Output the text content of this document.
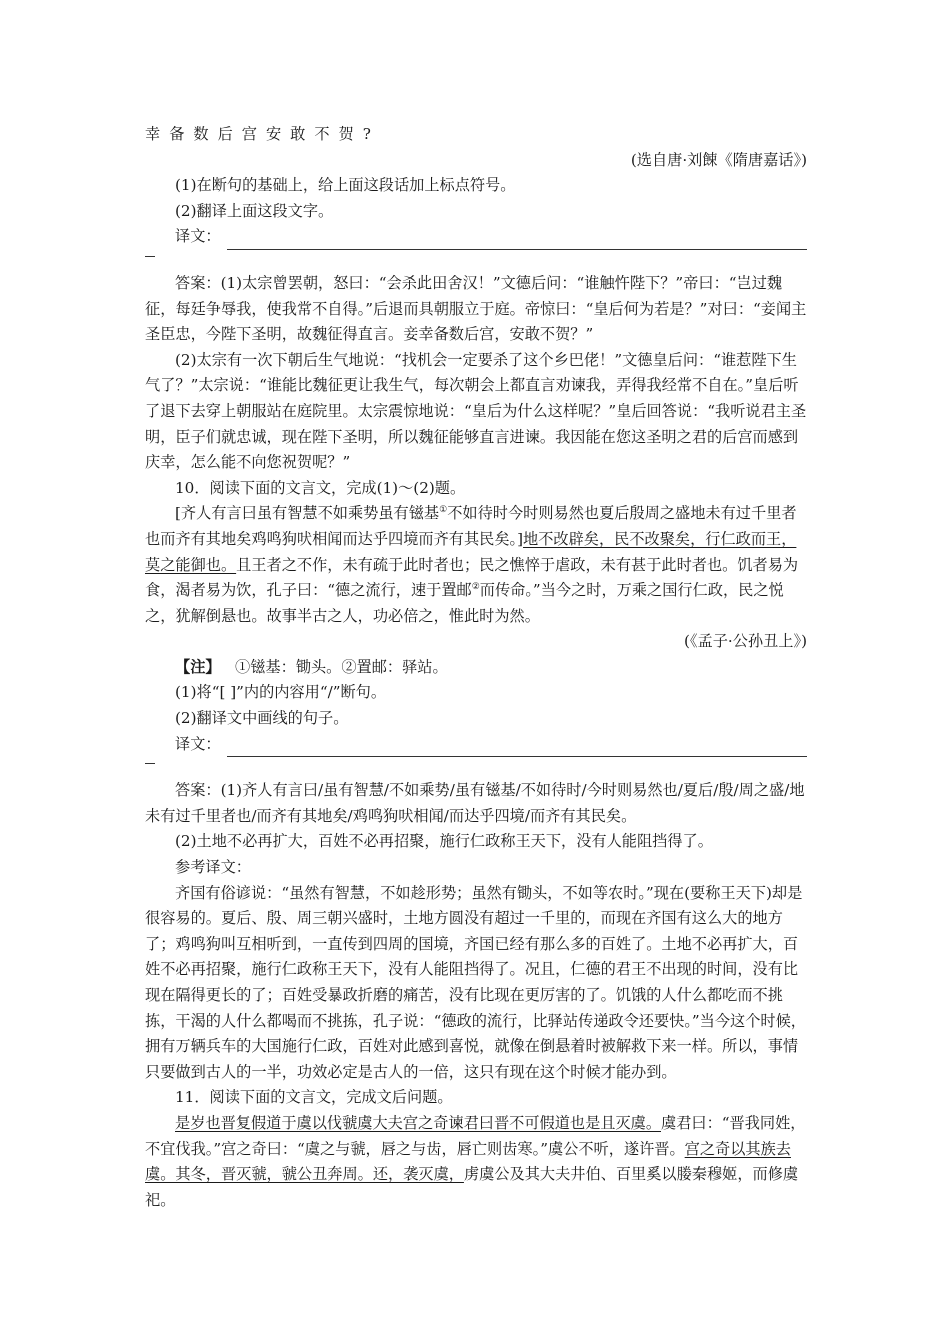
幸备数后宫安敢不贺?

(选自唐·刘餗《隋唐嘉话》)

(1)在断句的基础上，给上面这段话加上标点符号。

(2)翻译上面这段文字。

译文：

答案：(1)太宗曾罢朝，怒曰：“会杀此田舍汉！”文德后问：“谁触忤陛下？”帝曰：“岂过魏征，每廷争辱我，使我常不自得。”后退而具朝服立于庭。帝惊曰：“皇后何为若是？”对曰：“妾闻主圣臣忠，今陛下圣明，故魏征得直言。妾幸备数后宫，安敢不贺？”

(2)太宗有一次下朝后生气地说：“找机会一定要杀了这个乡巴佬！”文德皇后问：“谁惹陛下生气了？”太宗说：“谁能比魏征更让我生气，每次朝会上都直言劝谏我，弄得我经常不自在。”皇后听了退下去穿上朝服站在庭院里。太宗震惊地说：“皇后为什么这样呢？”皇后回答说：“我听说君主圣明，臣子们就忠诚，现在陛下圣明，所以魏征能够直言进谏。我因能在您这圣明之君的后宫而感到庆幸，怎么能不向您祝贺呢？”

10．阅读下面的文言文，完成(1)～(2)题。

[齐人有言曰虽有智慧不如乘势虽有镃基①不如待时今时则易然也夏后殷周之盛地未有过千里者也而齐有其地矣鸡鸣狗吠相闻而达乎四境而齐有其民矣。]地不改辟矣，民不改聚矣，行仁政而王，莫之能御也。且王者之不作，未有疏于此时者也；民之憔悴于虐政，未有甚于此时者也。饥者易为食，渴者易为饮，孔子曰：“德之流行，速于置邮②而传命。”当今之时，万乘之国行仁政，民之悦之，犹解倒悬也。故事半古之人，功必倍之，惟此时为然。

(《孟子·公孙丑上》)

【注】 ①镃基：锄头。②置邮：驿站。

(1)将“[ ]”内的内容用“/”断句。

(2)翻译文中画线的句子。

译文：

答案：(1)齐人有言曰/虽有智慧/不如乘势/虽有镃基/不如待时/今时则易然也/夏后/殷/周之盛/地未有过千里者也/而齐有其地矣/鸡鸣狗吠相闻/而达乎四境/而齐有其民矣。

(2)土地不必再扩大，百姓不必再招聚，施行仁政称王天下，没有人能阻挡得了。

参考译文：

齐国有俗谚说：“虽然有智慧，不如趁形势；虽然有锄头，不如等农时。”现在(要称王天下)却是很容易的。夏后、殷、周三朝兴盛时，土地方圆没有超过一千里的，而现在齐国有这么大的地方了；鸡鸣狗叫互相听到，一直传到四周的国境，齐国已经有那么多的百姓了。土地不必再扩大，百姓不必再招聚，施行仁政称王天下，没有人能阻挡得了。况且，仁德的君王不出现的时间，没有比现在隔得更长的了；百姓受暴政折磨的痛苦，没有比现在更厉害的了。饥饿的人什么都吃而不挑拣，干渴的人什么都喝而不挑拣，孔子说：“德政的流行，比驿站传递政令还要快。”当今这个时候，拥有万辆兵车的大国施行仁政，百姓对此感到喜悦，就像在倒悬着时被解救下来一样。所以，事情只要做到古人的一半，功效必定是古人的一倍，这只有现在这个时候才能办到。

11．阅读下面的文言文，完成文后问题。

是岁也晋复假道于虞以伐虢虞大夫宫之奇谏君曰晋不可假道也是且灭虞。虞君曰：“晋我同姓，不宜伐我。”宫之奇曰：“虞之与虢，唇之与齿，唇亡则齿寒。”虞公不听，遂许晋。宫之奇以其族去虞。其冬，晋灭虢，虢公丑奔周。还，袭灭虞，虏虞公及其大夫井伯、百里奚以媵秦穆姬，而修虞祀。
